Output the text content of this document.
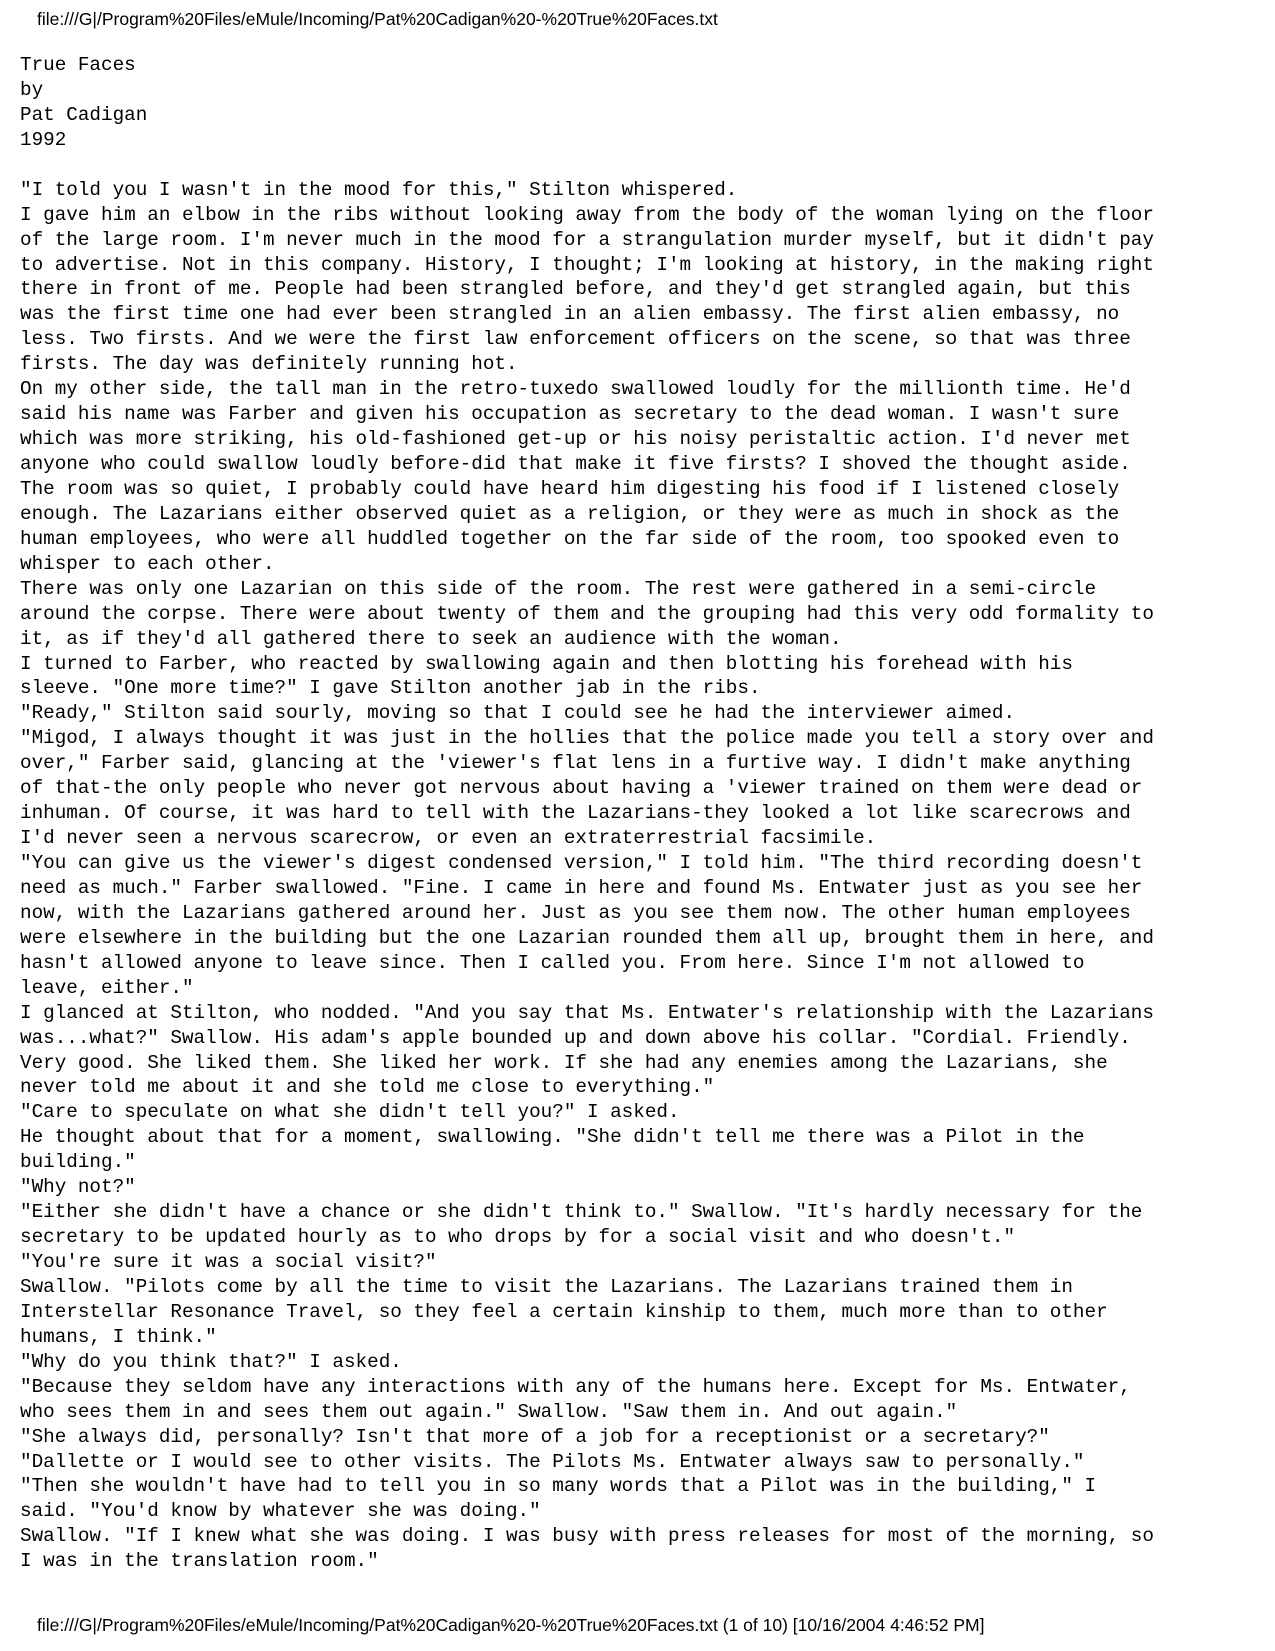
file:///G|/Program%20Files/eMule/Incoming/Pat%20Cadigan%20-%20True%20Faces.txt
True Faces
by
Pat Cadigan
1992
"I told you I wasn't in the mood for this," Stilton whispered.
I gave him an elbow in the ribs without looking away from the body of the woman lying on the floor
of the large room. I'm never much in the mood for a strangulation murder myself, but it didn't pay
to advertise. Not in this company. History, I thought; I'm looking at history, in the making right
there in front of me. People had been strangled before, and they'd get strangled again, but this
was the first time one had ever been strangled in an alien embassy. The first alien embassy, no
less. Two firsts. And we were the first law enforcement officers on the scene, so that was three
firsts. The day was definitely running hot.
On my other side, the tall man in the retro-tuxedo swallowed loudly for the millionth time. He'd
said his name was Farber and given his occupation as secretary to the dead woman. I wasn't sure
which was more striking, his old-fashioned get-up or his noisy peristaltic action. I'd never met
anyone who could swallow loudly before-did that make it five firsts? I shoved the thought aside.
The room was so quiet, I probably could have heard him digesting his food if I listened closely
enough. The Lazarians either observed quiet as a religion, or they were as much in shock as the
human employees, who were all huddled together on the far side of the room, too spooked even to
whisper to each other.
There was only one Lazarian on this side of the room. The rest were gathered in a semi-circle
around the corpse. There were about twenty of them and the grouping had this very odd formality to
it, as if they'd all gathered there to seek an audience with the woman.
I turned to Farber, who reacted by swallowing again and then blotting his forehead with his
sleeve. "One more time?" I gave Stilton another jab in the ribs.
"Ready," Stilton said sourly, moving so that I could see he had the interviewer aimed.
"Migod, I always thought it was just in the hollies that the police made you tell a story over and
over," Farber said, glancing at the 'viewer's flat lens in a furtive way. I didn't make anything
of that-the only people who never got nervous about having a 'viewer trained on them were dead or
inhuman. Of course, it was hard to tell with the Lazarians-they looked a lot like scarecrows and
I'd never seen a nervous scarecrow, or even an extraterrestrial facsimile.
"You can give us the viewer's digest condensed version," I told him. "The third recording doesn't
need as much." Farber swallowed. "Fine. I came in here and found Ms. Entwater just as you see her
now, with the Lazarians gathered around her. Just as you see them now. The other human employees
were elsewhere in the building but the one Lazarian rounded them all up, brought them in here, and
hasn't allowed anyone to leave since. Then I called you. From here. Since I'm not allowed to
leave, either."
I glanced at Stilton, who nodded. "And you say that Ms. Entwater's relationship with the Lazarians
was...what?" Swallow. His adam's apple bounded up and down above his collar. "Cordial. Friendly.
Very good. She liked them. She liked her work. If she had any enemies among the Lazarians, she
never told me about it and she told me close to everything."
"Care to speculate on what she didn't tell you?" I asked.
He thought about that for a moment, swallowing. "She didn't tell me there was a Pilot in the
building."
"Why not?"
"Either she didn't have a chance or she didn't think to." Swallow. "It's hardly necessary for the
secretary to be updated hourly as to who drops by for a social visit and who doesn't."
"You're sure it was a social visit?"
Swallow. "Pilots come by all the time to visit the Lazarians. The Lazarians trained them in
Interstellar Resonance Travel, so they feel a certain kinship to them, much more than to other
humans, I think."
"Why do you think that?" I asked.
"Because they seldom have any interactions with any of the humans here. Except for Ms. Entwater,
who sees them in and sees them out again." Swallow. "Saw them in. And out again."
"She always did, personally? Isn't that more of a job for a receptionist or a secretary?"
"Dallette or I would see to other visits. The Pilots Ms. Entwater always saw to personally."
"Then she wouldn't have had to tell you in so many words that a Pilot was in the building," I
said. "You'd know by whatever she was doing."
Swallow. "If I knew what she was doing. I was busy with press releases for most of the morning, so
I was in the translation room."
file:///G|/Program%20Files/eMule/Incoming/Pat%20Cadigan%20-%20True%20Faces.txt (1 of 10) [10/16/2004 4:46:52 PM]
